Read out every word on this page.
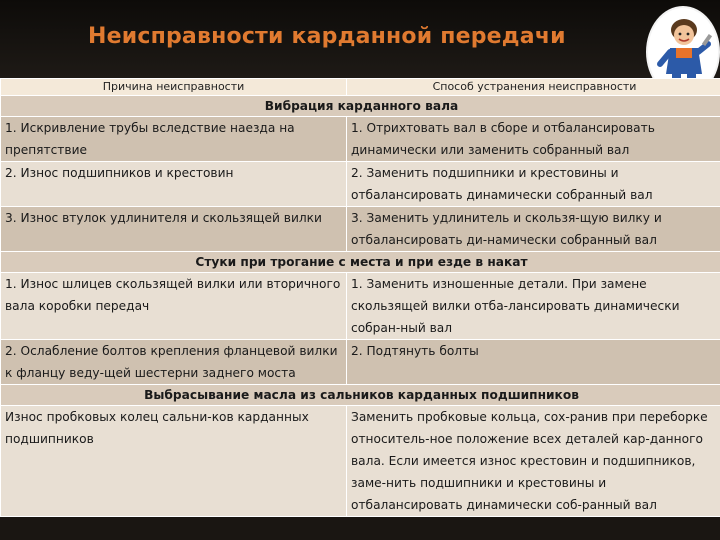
Неисправности карданной передачи
Причина неисправности	Способ устранения неисправности
Вибрация карданного вала	
1. Искривление трубы вследствие наезда на препятствие	1. Отрихтовать вал в сборе и отбалансировать динамически или заменить собранный вал
2. Износ подшипников и крестовин	2. Заменить подшипники и крестовины и отбалансировать динамически собранный вал
3. Износ втулок удлинителя и скользящей вилки	3. Заменить удлинитель и скользя-щую вилку и отбалансировать ди-намически собранный вал
Стуки при трогание с места и при езде в накат	
1. Износ шлицев скользящей вилки или вторичного вала коробки передач	1. Заменить изношенные детали. При замене скользящей вилки отба-лансировать динамически собран-ный вал
2. Ослабление болтов крепления фланцевой вилки к фланцу веду-щей шестерни заднего моста	2. Подтянуть болты
Выбрасывание масла из сальников карданных подшипников	
Износ пробковых колец сальни-ков карданных подшипников	Заменить пробковые кольца, сох-ранив при переборке относитель-ное положение всех деталей кар-данного вала. Если имеется износ крестовин и подшипников, заме-нить подшипники и крестовины и отбалансировать динамически соб-ранный вал
